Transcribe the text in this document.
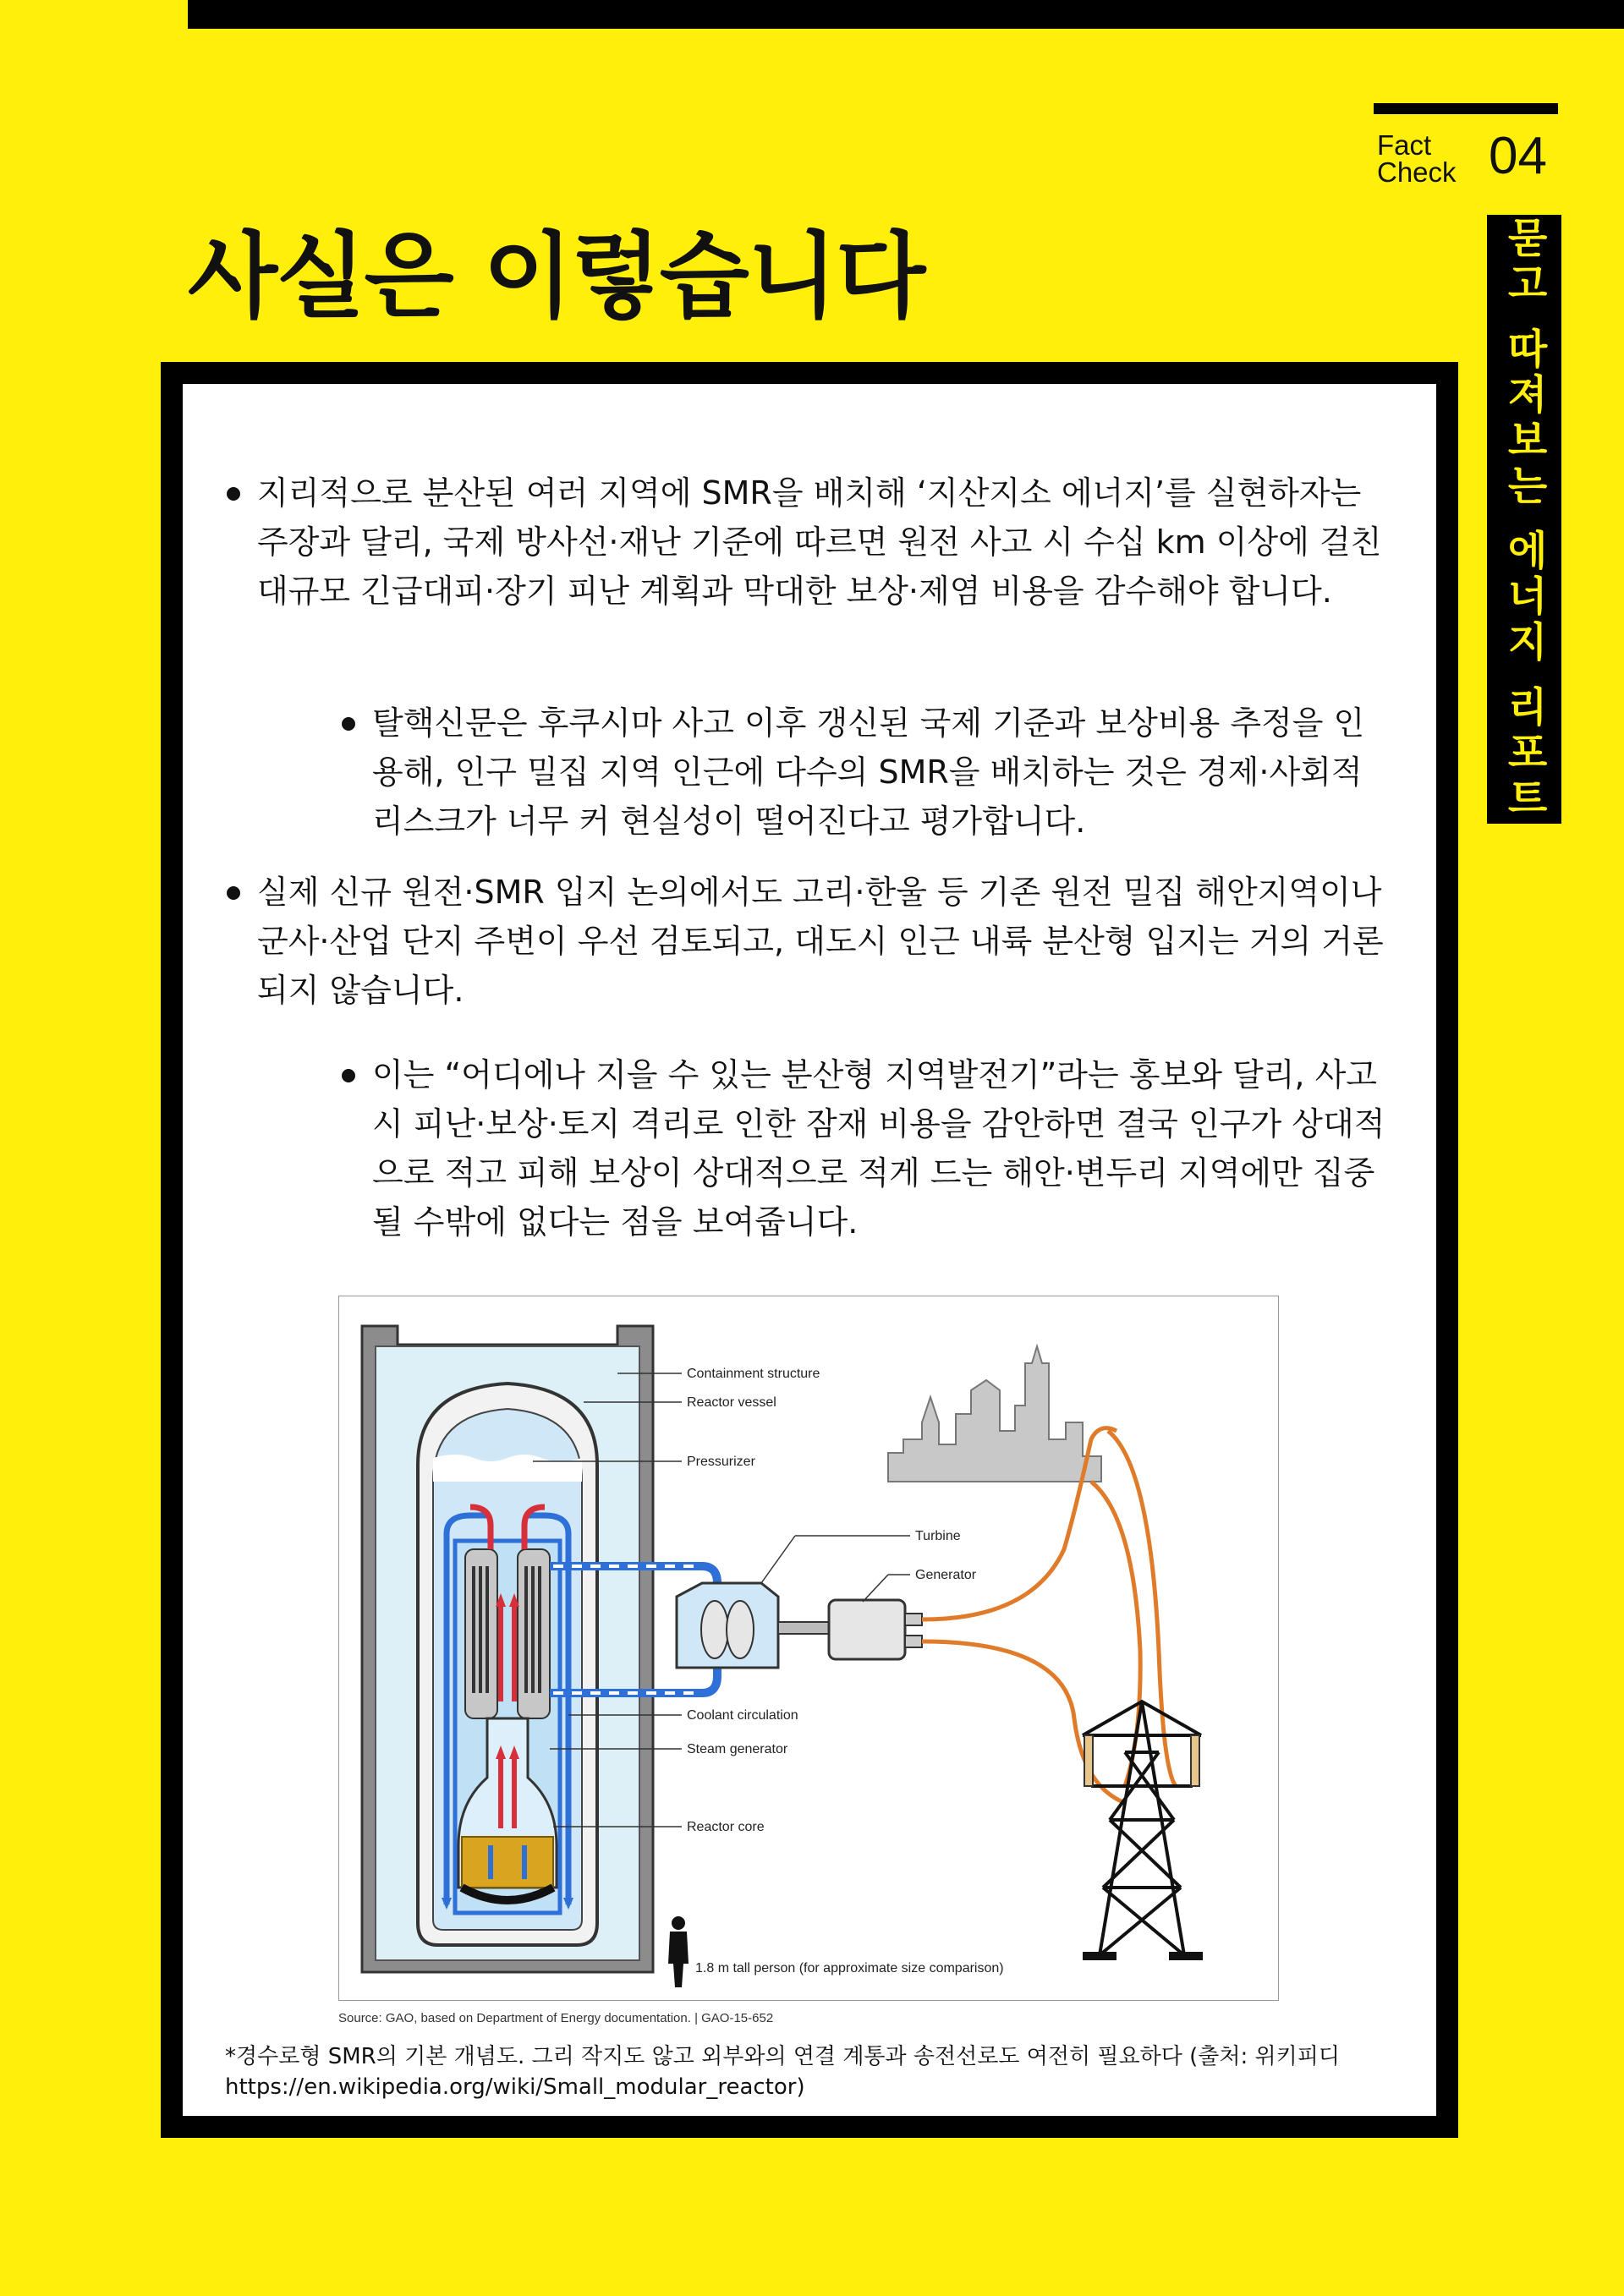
Fact
Check 04
묻고 따져보는 에너지 리포트
사실은 이렇습니다
지리적으로 분산된 여러 지역에 SMR을 배치해 ‘지산지소 에너지’를 실현하자는 주장과 달리, 국제 방사선·재난 기준에 따르면 원전 사고 시 수십 km 이상에 걸친 대규모 긴급대피·장기 피난 계획과 막대한 보상·제염 비용을 감수해야 합니다.
탈핵신문은 후쿠시마 사고 이후 갱신된 국제 기준과 보상비용 추정을 인용해, 인구 밀집 지역 인근에 다수의 SMR을 배치하는 것은 경제·사회적 리스크가 너무 커 현실성이 떨어진다고 평가합니다.
실제 신규 원전·SMR 입지 논의에서도 고리·한울 등 기존 원전 밀집 해안지역이나 군사·산업 단지 주변이 우선 검토되고, 대도시 인근 내륙 분산형 입지는 거의 거론되지 않습니다.
이는 “어디에나 지을 수 있는 분산형 지역발전기”라는 홍보와 달리, 사고시 피난·보상·토지 격리로 인한 잠재 비용을 감안하면 결국 인구가 상대적으로 적고 피해 보상이 상대적으로 적게 드는 해안·변두리 지역에만 집중될 수밖에 없다는 점을 보여줍니다.
Containment structure
Reactor vessel
Pressurizer
Turbine
Generator
Coolant circulation
Steam generator
Reactor core
1.8 m tall person (for approximate size comparison)
Source: GAO, based on Department of Energy documentation. | GAO-15-652
*경수로형 SMR의 기본 개념도. 그리 작지도 않고 외부와의 연결 계통과 송전선로도 여전히 필요하다 (출처: 위키피디 https://en.wikipedia.org/wiki/Small_modular_reactor)
